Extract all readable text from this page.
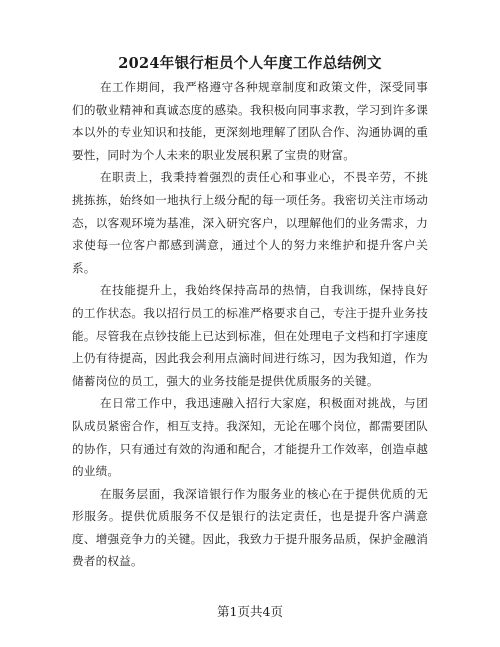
2024年银行柜员个人年度工作总结例文

在工作期间，我严格遵守各种规章制度和政策文件，深受同事们的敬业精神和真诚态度的感染。我积极向同事求教，学习到许多课本以外的专业知识和技能，更深刻地理解了团队合作、沟通协调的重要性，同时为个人未来的职业发展积累了宝贵的财富。

在职责上，我秉持着强烈的责任心和事业心，不畏辛劳，不挑挑拣拣，始终如一地执行上级分配的每一项任务。我密切关注市场动态，以客观环境为基准，深入研究客户，以理解他们的业务需求，力求使每一位客户都感到满意，通过个人的努力来维护和提升客户关系。

在技能提升上，我始终保持高昂的热情，自我训练，保持良好的工作状态。我以招行员工的标准严格要求自己，专注于提升业务技能。尽管我在点钞技能上已达到标准，但在处理电子文档和打字速度上仍有待提高，因此我会利用点滴时间进行练习，因为我知道，作为储蓄岗位的员工，强大的业务技能是提供优质服务的关键。

在日常工作中，我迅速融入招行大家庭，积极面对挑战，与团队成员紧密合作，相互支持。我深知，无论在哪个岗位，都需要团队的协作，只有通过有效的沟通和配合，才能提升工作效率，创造卓越的业绩。

在服务层面，我深谙银行作为服务业的核心在于提供优质的无形服务。提供优质服务不仅是银行的法定责任，也是提升客户满意度、增强竞争力的关键。因此，我致力于提升服务品质，保护金融消费者的权益。

第1页共4页
